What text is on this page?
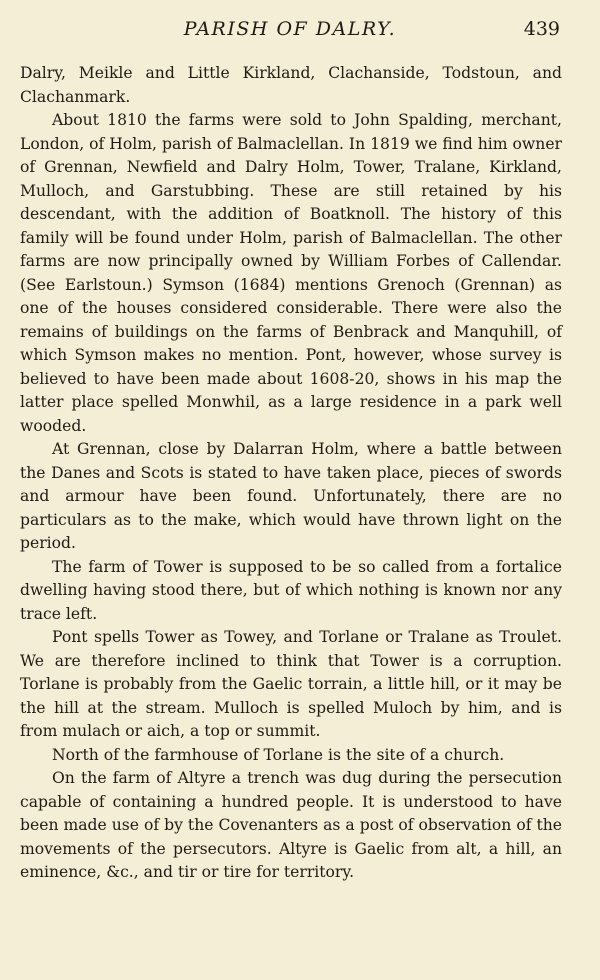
PARISH OF DALRY.	439

Dalry, Meikle and Little Kirkland, Clachanside, Todstoun, and Clachanmark.

About 1810 the farms were sold to John Spalding, merchant, London, of Holm, parish of Balmaclellan. In 1819 we find him owner of Grennan, Newfield and Dalry Holm, Tower, Tralane, Kirkland, Mulloch, and Garstubbing. These are still retained by his descendant, with the addition of Boatknoll. The history of this family will be found under Holm, parish of Balmaclellan. The other farms are now principally owned by William Forbes of Callendar. (See Earlstoun.) Symson (1684) mentions Grenoch (Grennan) as one of the houses considered considerable. There were also the remains of buildings on the farms of Benbrack and Manquhill, of which Symson makes no mention. Pont, however, whose survey is believed to have been made about 1608-20, shows in his map the latter place spelled Monwhil, as a large residence in a park well wooded.

At Grennan, close by Dalarran Holm, where a battle between the Danes and Scots is stated to have taken place, pieces of swords and armour have been found. Unfortunately, there are no particulars as to the make, which would have thrown light on the period.

The farm of Tower is supposed to be so called from a fortalice dwelling having stood there, but of which nothing is known nor any trace left.

Pont spells Tower as Towey, and Torlane or Tralane as Troulet. We are therefore inclined to think that Tower is a corruption. Torlane is probably from the Gaelic torrain, a little hill, or it may be the hill at the stream. Mulloch is spelled Muloch by him, and is from mulach or aich, a top or summit.

North of the farmhouse of Torlane is the site of a church.

On the farm of Altyre a trench was dug during the persecution capable of containing a hundred people. It is understood to have been made use of by the Covenanters as a post of observation of the movements of the persecutors. Altyre is Gaelic from alt, a hill, an eminence, &c., and tir or tire for territory.
